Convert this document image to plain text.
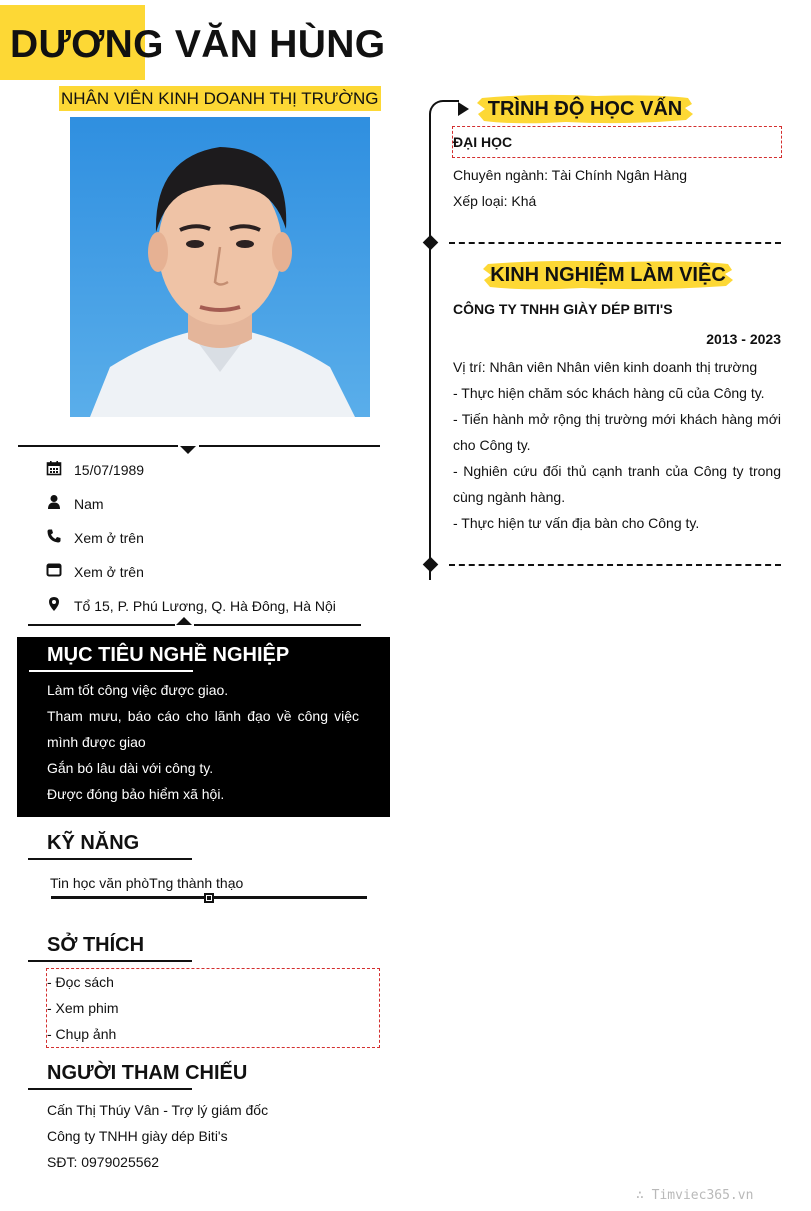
DƯƠNG VĂN HÙNG
NHÂN VIÊN KINH DOANH THỊ TRƯỜNG
15/07/1989
Nam
Xem ở trên
Xem ở trên
Tổ 15, P. Phú Lương, Q. Hà Đông, Hà Nội
MỤC TIÊU NGHỀ NGHIỆP
Làm tốt công việc được giao.
Tham mưu, báo cáo cho lãnh đạo về công việc
mình được giao
Gắn bó lâu dài với công ty.
Được đóng bảo hiểm xã hội.
KỸ NĂNG
Tin học văn phòTng thành thạo
SỞ THÍCH
- Đọc sách
- Xem phim
- Chụp ảnh
NGƯỜI THAM CHIẾU
Cấn Thị Thúy Vân - Trợ lý giám đốc
Công ty TNHH giày dép Biti's
SĐT: 0979025562
TRÌNH ĐỘ HỌC VẤN
ĐẠI HỌC
Chuyên ngành: Tài Chính Ngân Hàng
Xếp loại: Khá
KINH NGHIỆM LÀM VIỆC
CÔNG TY TNHH GIÀY DÉP BITI'S
2013 - 2023
Vị trí: Nhân viên Nhân viên kinh doanh thị trường
- Thực hiện chăm sóc khách hàng cũ của Công ty.
- Tiến hành mở rộng thị trường mới khách hàng mới
cho Công ty.
- Nghiên cứu đối thủ cạnh tranh của Công ty trong
cùng ngành hàng.
- Thực hiện tư vấn địa bàn cho Công ty.
∴ Timviec365.vn
